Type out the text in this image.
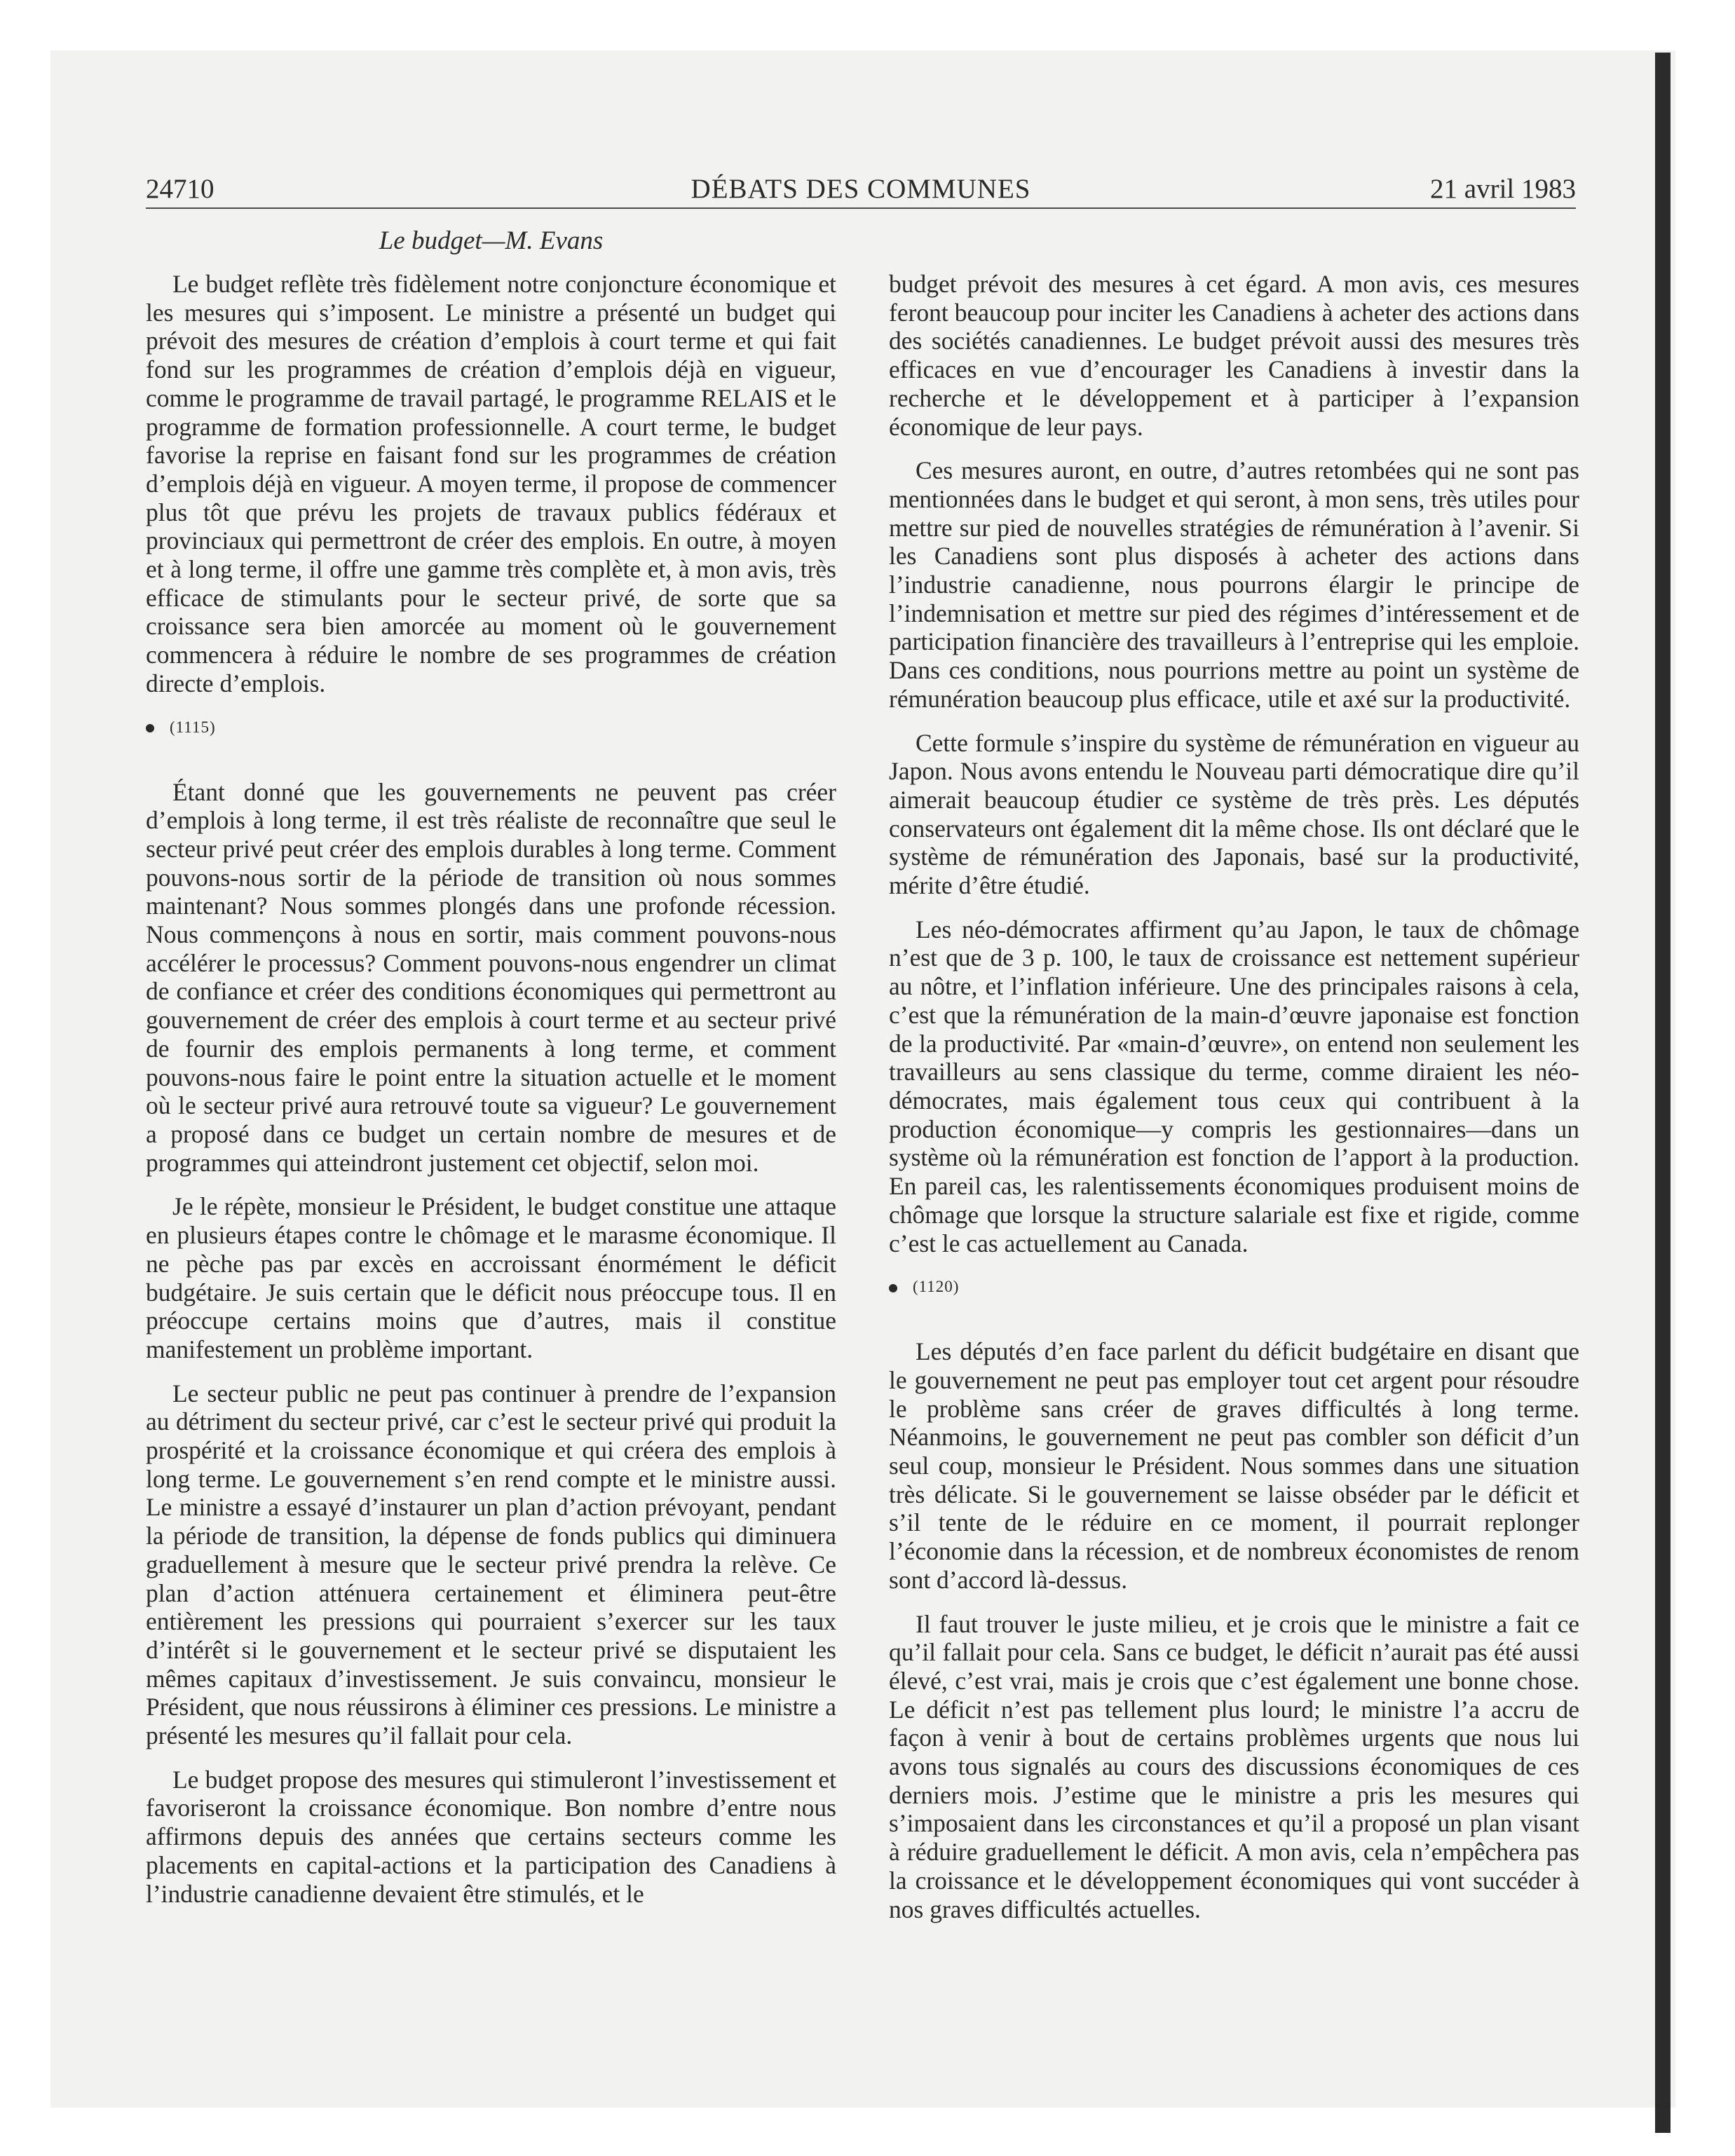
24710	DÉBATS DES COMMUNES	21 avril 1983
Le budget—M. Evans

Le budget reflète très fidèlement notre conjoncture économique et les mesures qui s’imposent. Le ministre a présenté un budget qui prévoit des mesures de création d’emplois à court terme et qui fait fond sur les programmes de création d’emplois déjà en vigueur, comme le programme de travail partagé, le programme RELAIS et le programme de formation professionnelle. A court terme, le budget favorise la reprise en faisant fond sur les programmes de création d’emplois déjà en vigueur. A moyen terme, il propose de commencer plus tôt que prévu les projets de travaux publics fédéraux et provinciaux qui permettront de créer des emplois. En outre, à moyen et à long terme, il offre une gamme très complète et, à mon avis, très efficace de stimulants pour le secteur privé, de sorte que sa croissance sera bien amorcée au moment où le gouvernement commencera à réduire le nombre de ses programmes de création directe d’emplois.

(1115)

Étant donné que les gouvernements ne peuvent pas créer d’emplois à long terme, il est très réaliste de reconnaître que seul le secteur privé peut créer des emplois durables à long terme. Comment pouvons-nous sortir de la période de transition où nous sommes maintenant? Nous sommes plongés dans une profonde récession. Nous commençons à nous en sortir, mais comment pouvons-nous accélérer le processus? Comment pouvons-nous engendrer un climat de confiance et créer des conditions économiques qui permettront au gouvernement de créer des emplois à court terme et au secteur privé de fournir des emplois permanents à long terme, et comment pouvons-nous faire le point entre la situation actuelle et le moment où le secteur privé aura retrouvé toute sa vigueur? Le gouvernement a proposé dans ce budget un certain nombre de mesures et de programmes qui atteindront justement cet objectif, selon moi.

Je le répète, monsieur le Président, le budget constitue une attaque en plusieurs étapes contre le chômage et le marasme économique. Il ne pèche pas par excès en accroissant énormément le déficit budgétaire. Je suis certain que le déficit nous préoccupe tous. Il en préoccupe certains moins que d’autres, mais il constitue manifestement un problème important.

Le secteur public ne peut pas continuer à prendre de l’expansion au détriment du secteur privé, car c’est le secteur privé qui produit la prospérité et la croissance économique et qui créera des emplois à long terme. Le gouvernement s’en rend compte et le ministre aussi. Le ministre a essayé d’instaurer un plan d’action prévoyant, pendant la période de transition, la dépense de fonds publics qui diminuera graduellement à mesure que le secteur privé prendra la relève. Ce plan d’action atténuera certainement et éliminera peut-être entièrement les pressions qui pourraient s’exercer sur les taux d’intérêt si le gouvernement et le secteur privé se disputaient les mêmes capitaux d’investissement. Je suis convaincu, monsieur le Président, que nous réussirons à éliminer ces pressions. Le ministre a présenté les mesures qu’il fallait pour cela.

Le budget propose des mesures qui stimuleront l’investissement et favoriseront la croissance économique. Bon nombre d’entre nous affirmons depuis des années que certains secteurs comme les placements en capital-actions et la participation des Canadiens à l’industrie canadienne devaient être stimulés, et le

budget prévoit des mesures à cet égard. A mon avis, ces mesures feront beaucoup pour inciter les Canadiens à acheter des actions dans des sociétés canadiennes. Le budget prévoit aussi des mesures très efficaces en vue d’encourager les Canadiens à investir dans la recherche et le développement et à participer à l’expansion économique de leur pays.

Ces mesures auront, en outre, d’autres retombées qui ne sont pas mentionnées dans le budget et qui seront, à mon sens, très utiles pour mettre sur pied de nouvelles stratégies de rémunération à l’avenir. Si les Canadiens sont plus disposés à acheter des actions dans l’industrie canadienne, nous pourrons élargir le principe de l’indemnisation et mettre sur pied des régimes d’intéressement et de participation financière des travailleurs à l’entreprise qui les emploie. Dans ces conditions, nous pourrions mettre au point un système de rémunération beaucoup plus efficace, utile et axé sur la productivité.

Cette formule s’inspire du système de rémunération en vigueur au Japon. Nous avons entendu le Nouveau parti démocratique dire qu’il aimerait beaucoup étudier ce système de très près. Les députés conservateurs ont également dit la même chose. Ils ont déclaré que le système de rémunération des Japonais, basé sur la productivité, mérite d’être étudié.

Les néo-démocrates affirment qu’au Japon, le taux de chômage n’est que de 3 p. 100, le taux de croissance est nettement supérieur au nôtre, et l’inflation inférieure. Une des principales raisons à cela, c’est que la rémunération de la main-d’œuvre japonaise est fonction de la productivité. Par «main-d’œuvre», on entend non seulement les travailleurs au sens classique du terme, comme diraient les néo-démocrates, mais également tous ceux qui contribuent à la production économique—y compris les gestionnaires—dans un système où la rémunération est fonction de l’apport à la production. En pareil cas, les ralentissements économiques produisent moins de chômage que lorsque la structure salariale est fixe et rigide, comme c’est le cas actuellement au Canada.

(1120)

Les députés d’en face parlent du déficit budgétaire en disant que le gouvernement ne peut pas employer tout cet argent pour résoudre le problème sans créer de graves difficultés à long terme. Néanmoins, le gouvernement ne peut pas combler son déficit d’un seul coup, monsieur le Président. Nous sommes dans une situation très délicate. Si le gouvernement se laisse obséder par le déficit et s’il tente de le réduire en ce moment, il pourrait replonger l’économie dans la récession, et de nombreux économistes de renom sont d’accord là-dessus.

Il faut trouver le juste milieu, et je crois que le ministre a fait ce qu’il fallait pour cela. Sans ce budget, le déficit n’aurait pas été aussi élevé, c’est vrai, mais je crois que c’est également une bonne chose. Le déficit n’est pas tellement plus lourd; le ministre l’a accru de façon à venir à bout de certains problèmes urgents que nous lui avons tous signalés au cours des discussions économiques de ces derniers mois. J’estime que le ministre a pris les mesures qui s’imposaient dans les circonstances et qu’il a proposé un plan visant à réduire graduellement le déficit. A mon avis, cela n’empêchera pas la croissance et le développement économiques qui vont succéder à nos graves difficultés actuelles.
